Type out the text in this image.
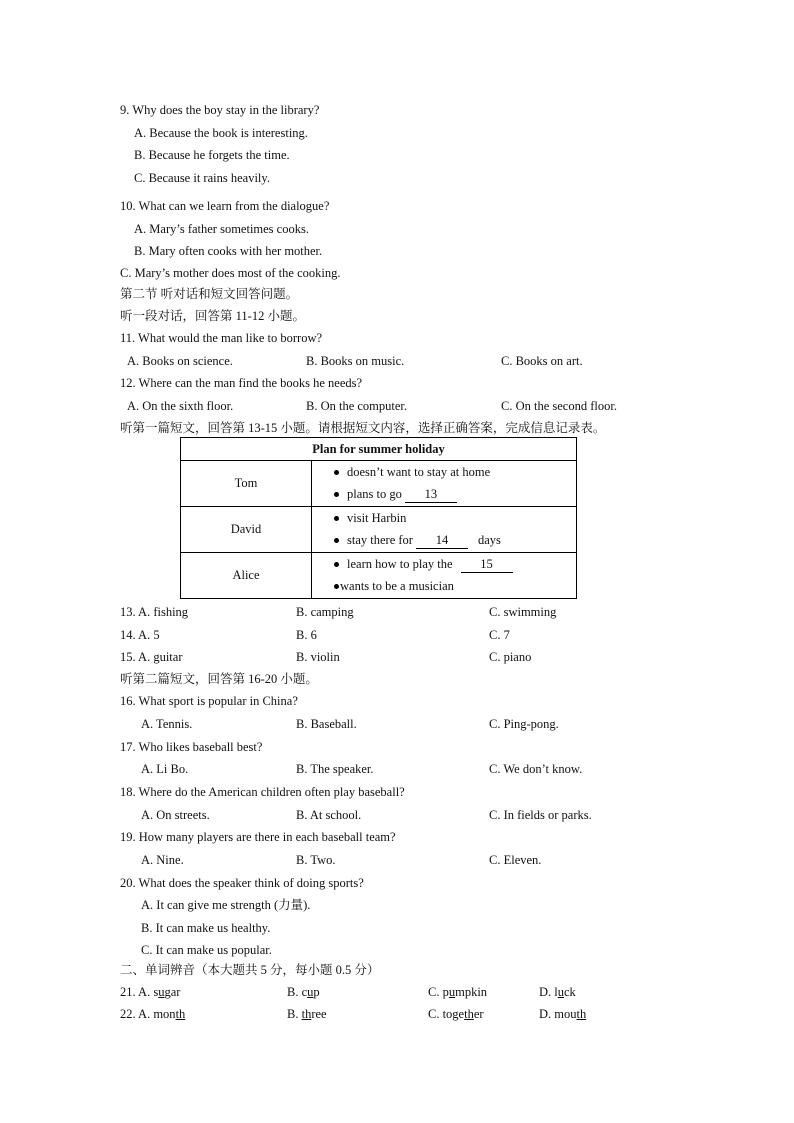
9. Why does the boy stay in the library?
A. Because the book is interesting.
B. Because he forgets the time.
C. Because it rains heavily.
10. What can we learn from the dialogue?
A. Mary’s father sometimes cooks.
B. Mary often cooks with her mother.
C. Mary’s mother does most of the cooking.
第二节 听对话和短文回答问题。
听一段对话，回答第 11-12 小题。
11. What would the man like to borrow?
A. Books on science.	B. Books on music.	C. Books on art.
12. Where can the man find the books he needs?
A. On the sixth floor.	B. On the computer.	C. On the second floor.
听第一篇短文，回答第 13-15 小题。请根据短文内容，选择正确答案，完成信息记录表。
Plan for summer holiday	
Tom	doesn’t want to stay at home
plans to go 13

David	visit Harbin
stay there for 14 days

Alice	learn how to play the 15
wants to be a musician
13. A. fishing	B. camping	C. swimming
14. A. 5	B. 6	C. 7
15. A. guitar	B. violin	C. piano
听第二篇短文，回答第 16-20 小题。
16. What sport is popular in China?
A. Tennis.	B. Baseball.	C. Ping-pong.
17. Who likes baseball best?
A. Li Bo.	B. The speaker.	C. We don’t know.
18. Where do the American children often play baseball?
A. On streets.	B. At school.	C. In fields or parks.
19. How many players are there in each baseball team?
A. Nine.	B. Two.	C. Eleven.
20. What does the speaker think of doing sports?
A. It can give me strength (力量).
B. It can make us healthy.
C. It can make us popular.
二、单词辨音（本大题共 5 分，每小题 0.5 分）
21. A. sugar	B. cup	C. pumpkin	D. luck
22. A. month	B. three	C. together	D. mouth
